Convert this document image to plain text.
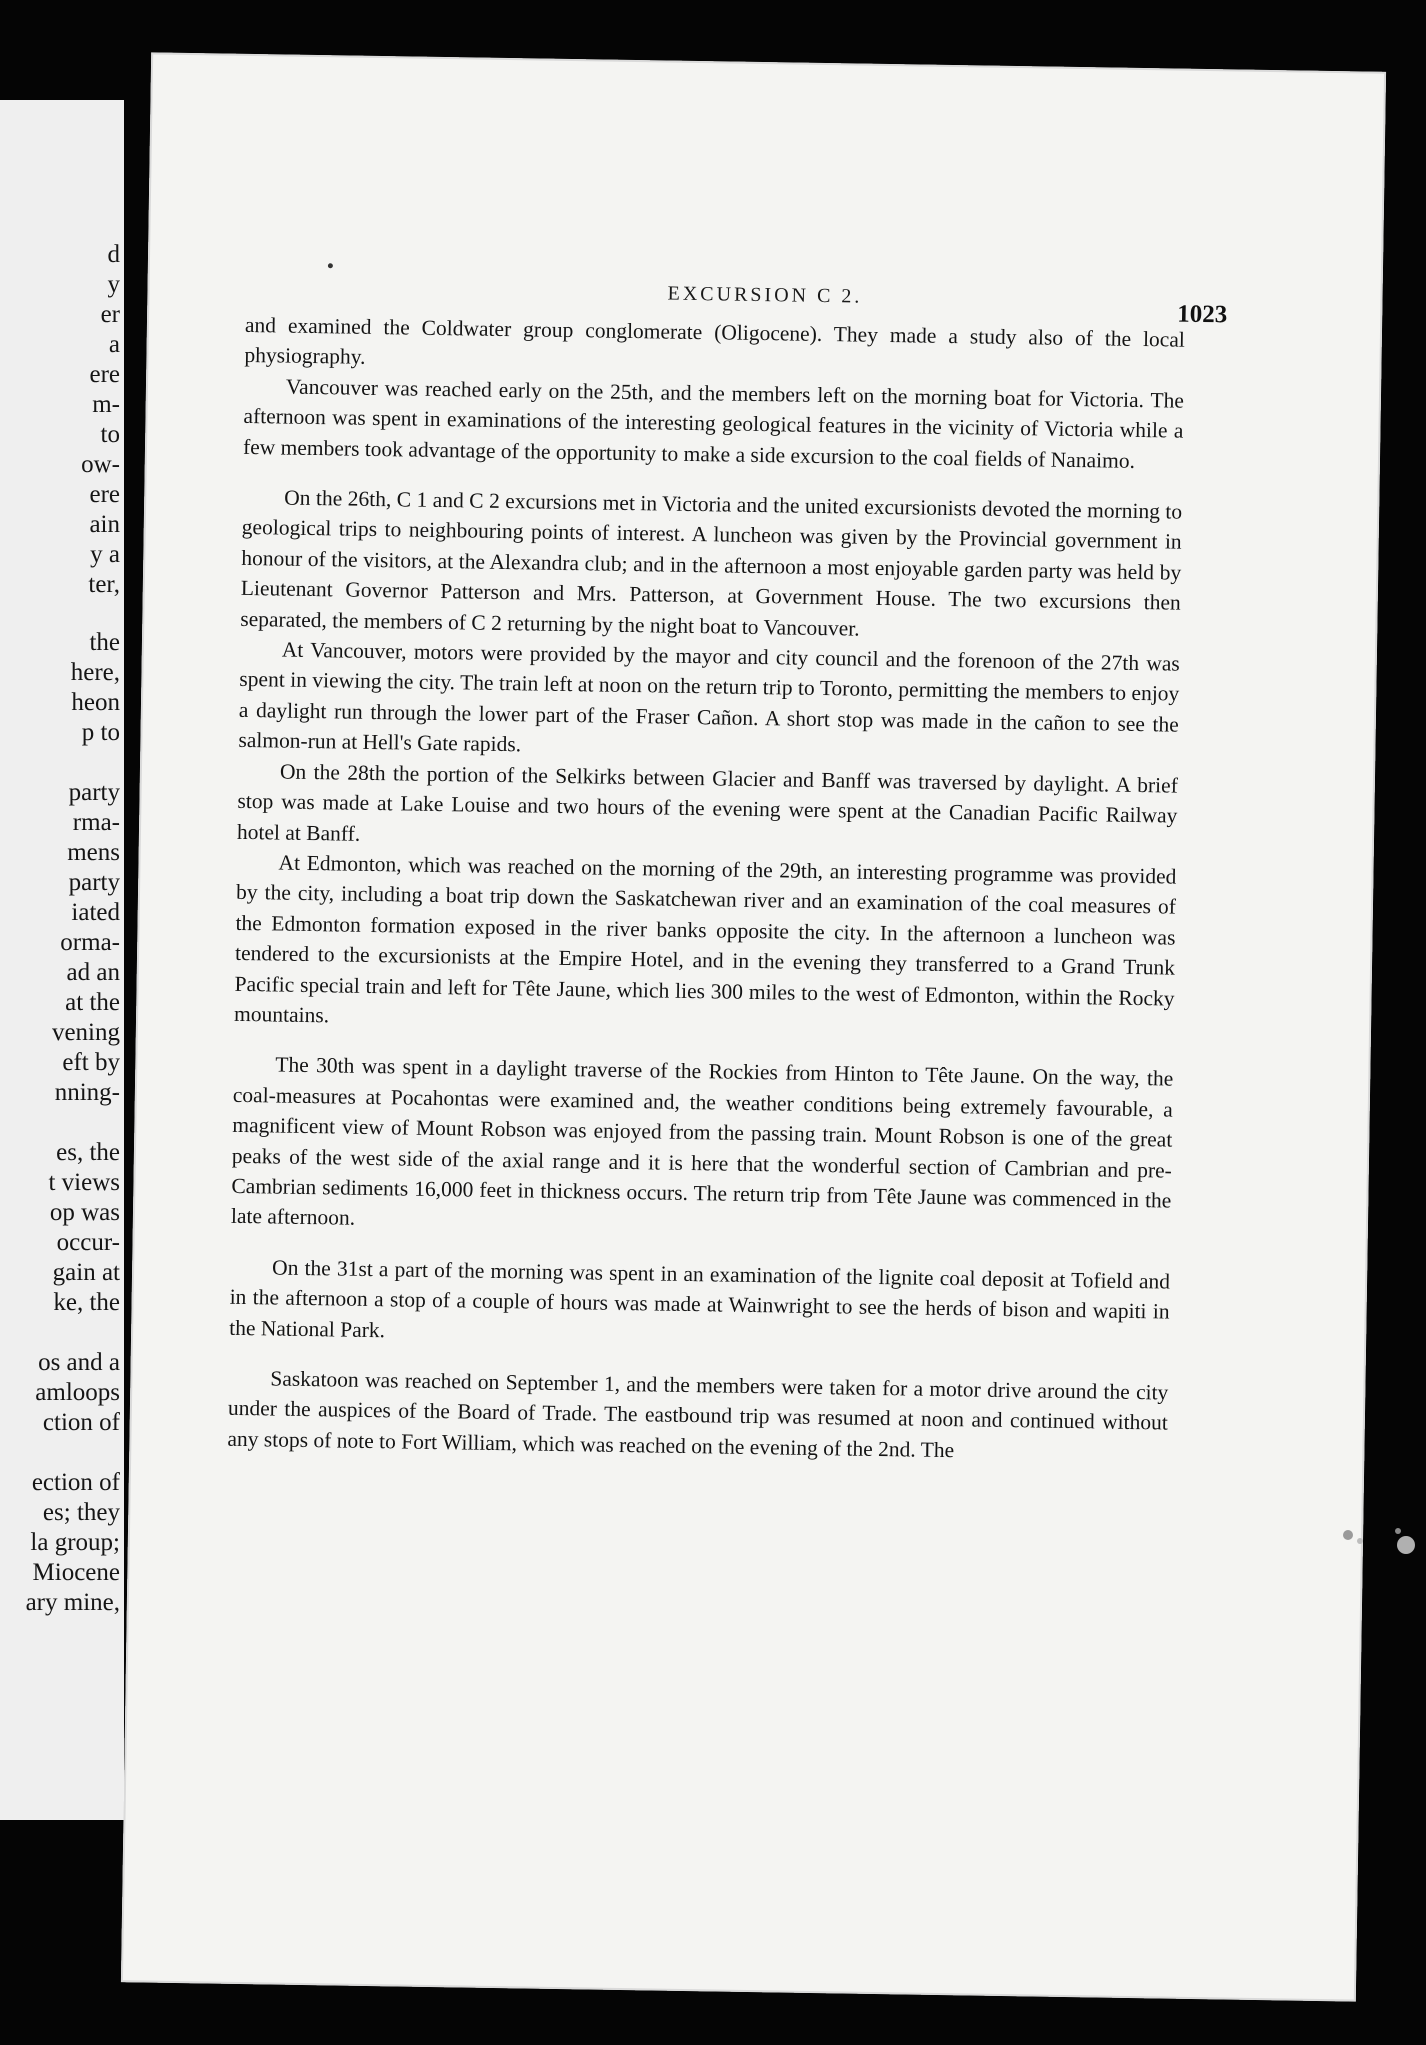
d

y

er

a

ere

m-

to

ow-

ere

ain

y a

ter,

the

here,

heon

p to

party

rma-

mens

party

iated

orma-

ad an

at the

vening

eft by

nning-

es, the

t views

op was

occur-

gain at

ke, the

os and a

amloops

ction of

ection of

es; they

la group;

Miocene

ary mine,

EXCURSION C 2.
1023

and examined the Coldwater group conglomerate (Oligocene). They made a study also of the local physiography.

Vancouver was reached early on the 25th, and the members left on the morning boat for Victoria. The afternoon was spent in examinations of the interesting geological features in the vicinity of Victoria while a few members took advantage of the opportunity to make a side excursion to the coal fields of Nanaimo.

On the 26th, C 1 and C 2 excursions met in Victoria and the united excursionists devoted the morning to geological trips to neighbouring points of interest. A luncheon was given by the Provincial government in honour of the visitors, at the Alexandra club; and in the afternoon a most enjoyable garden party was held by Lieutenant Governor Patterson and Mrs. Patterson, at Government House. The two excursions then separated, the members of C 2 returning by the night boat to Vancouver.

At Vancouver, motors were provided by the mayor and city council and the forenoon of the 27th was spent in viewing the city. The train left at noon on the return trip to Toronto, permitting the members to enjoy a daylight run through the lower part of the Fraser Cañon. A short stop was made in the cañon to see the salmon-run at Hell's Gate rapids.

On the 28th the portion of the Selkirks between Glacier and Banff was traversed by daylight. A brief stop was made at Lake Louise and two hours of the evening were spent at the Canadian Pacific Railway hotel at Banff.

At Edmonton, which was reached on the morning of the 29th, an interesting programme was provided by the city, including a boat trip down the Saskatchewan river and an examination of the coal measures of the Edmonton formation exposed in the river banks opposite the city. In the afternoon a luncheon was tendered to the excursionists at the Empire Hotel, and in the evening they transferred to a Grand Trunk Pacific special train and left for Tête Jaune, which lies 300 miles to the west of Edmonton, within the Rocky mountains.

The 30th was spent in a daylight traverse of the Rockies from Hinton to Tête Jaune. On the way, the coal-measures at Pocahontas were examined and, the weather conditions being extremely favourable, a magnificent view of Mount Robson was enjoyed from the passing train. Mount Robson is one of the great peaks of the west side of the axial range and it is here that the wonderful section of Cambrian and pre-Cambrian sediments 16,000 feet in thickness occurs. The return trip from Tête Jaune was commenced in the late afternoon.

On the 31st a part of the morning was spent in an examination of the lignite coal deposit at Tofield and in the afternoon a stop of a couple of hours was made at Wainwright to see the herds of bison and wapiti in the National Park.

Saskatoon was reached on September 1, and the members were taken for a motor drive around the city under the auspices of the Board of Trade. The eastbound trip was resumed at noon and continued without any stops of note to Fort William, which was reached on the evening of the 2nd. The
